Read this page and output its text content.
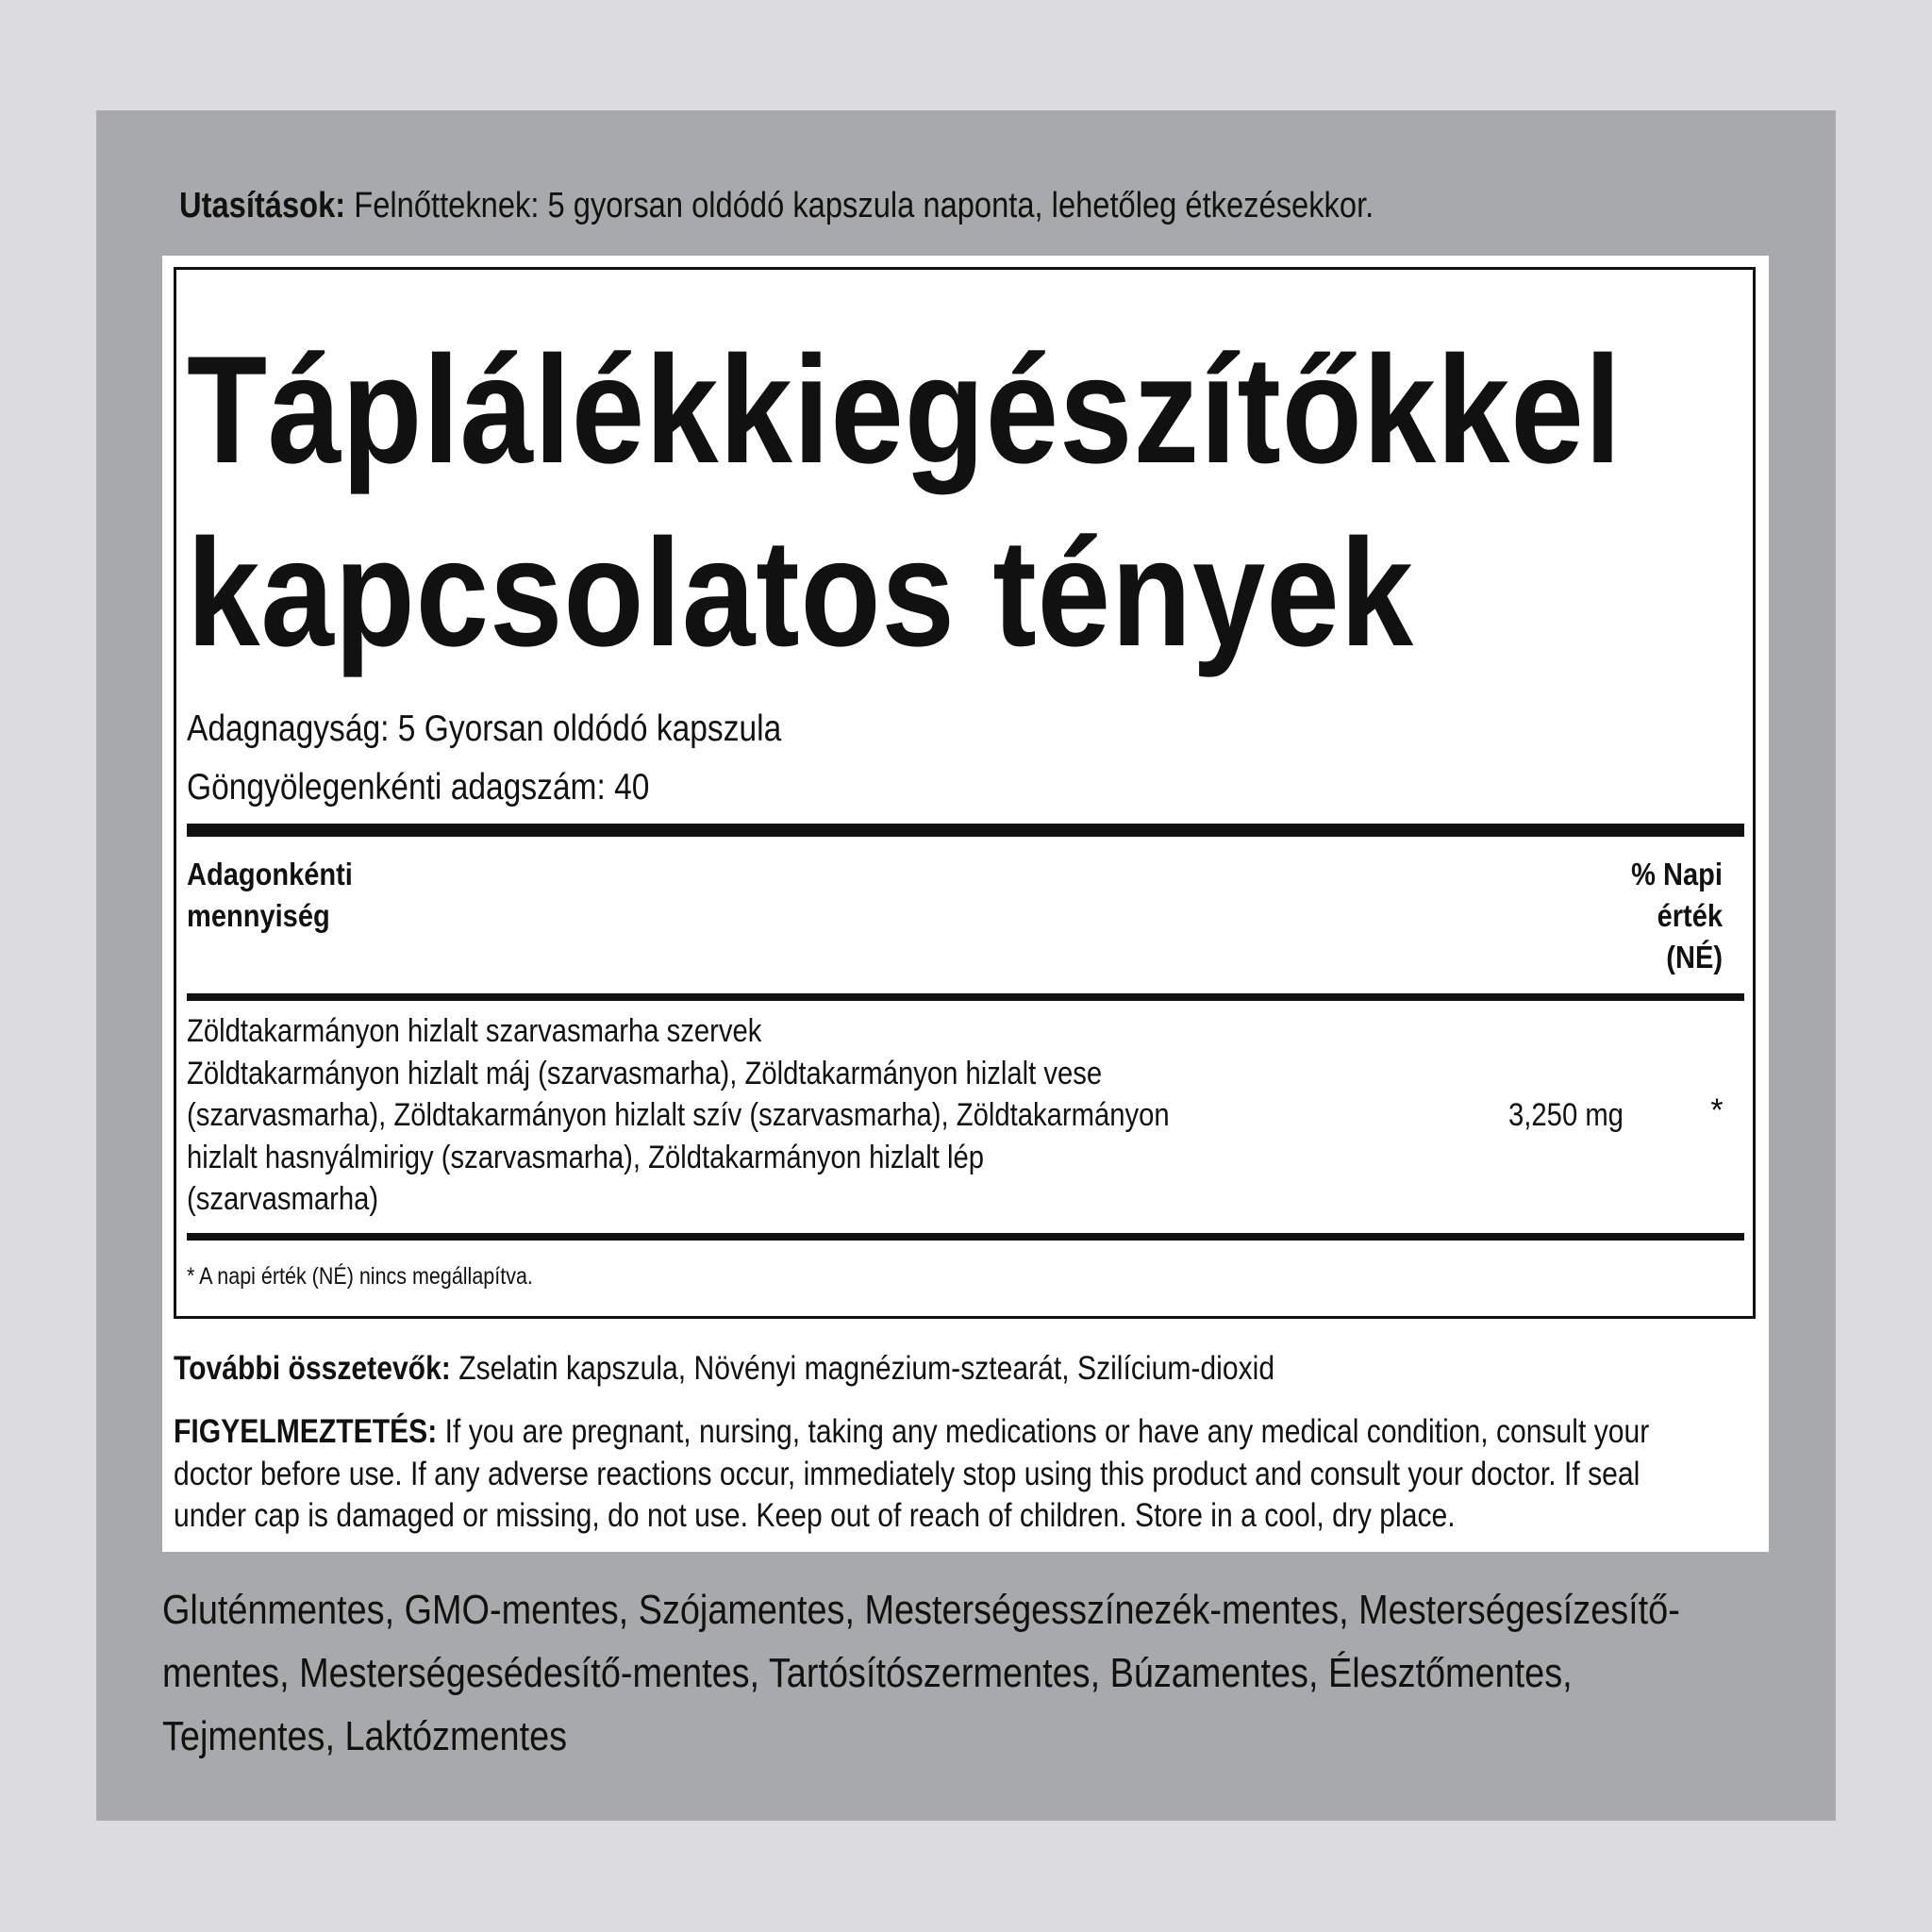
Utasítások: Felnőtteknek: 5 gyorsan oldódó kapszula naponta, lehetőleg étkezésekkor.
Táplálékkiegészítőkkel
kapcsolatos tények
Adagnagyság: 5 Gyorsan oldódó kapszula
Göngyölegenkénti adagszám: 40
Adagonkénti
mennyiség
% Napi
érték
(NÉ)
Zöldtakarmányon hizlalt szarvasmarha szervek
Zöldtakarmányon hizlalt máj (szarvasmarha), Zöldtakarmányon hizlalt vese
(szarvasmarha), Zöldtakarmányon hizlalt szív (szarvasmarha), Zöldtakarmányon
hizlalt hasnyálmirigy (szarvasmarha), Zöldtakarmányon hizlalt lép
(szarvasmarha)
3,250 mg	*
* A napi érték (NÉ) nincs megállapítva.
További összetevők: Zselatin kapszula, Növényi magnézium-sztearát, Szilícium-dioxid
FIGYELMEZTETÉS: If you are pregnant, nursing, taking any medications or have any medical condition, consult your
doctor before use. If any adverse reactions occur, immediately stop using this product and consult your doctor. If seal
under cap is damaged or missing, do not use. Keep out of reach of children. Store in a cool, dry place.
Gluténmentes, GMO-mentes, Szójamentes, Mesterségesszínezék-mentes, Mesterségesízesítő-
mentes, Mesterségesédesítő-mentes, Tartósítószermentes, Búzamentes, Élesztőmentes,
Tejmentes, Laktózmentes
